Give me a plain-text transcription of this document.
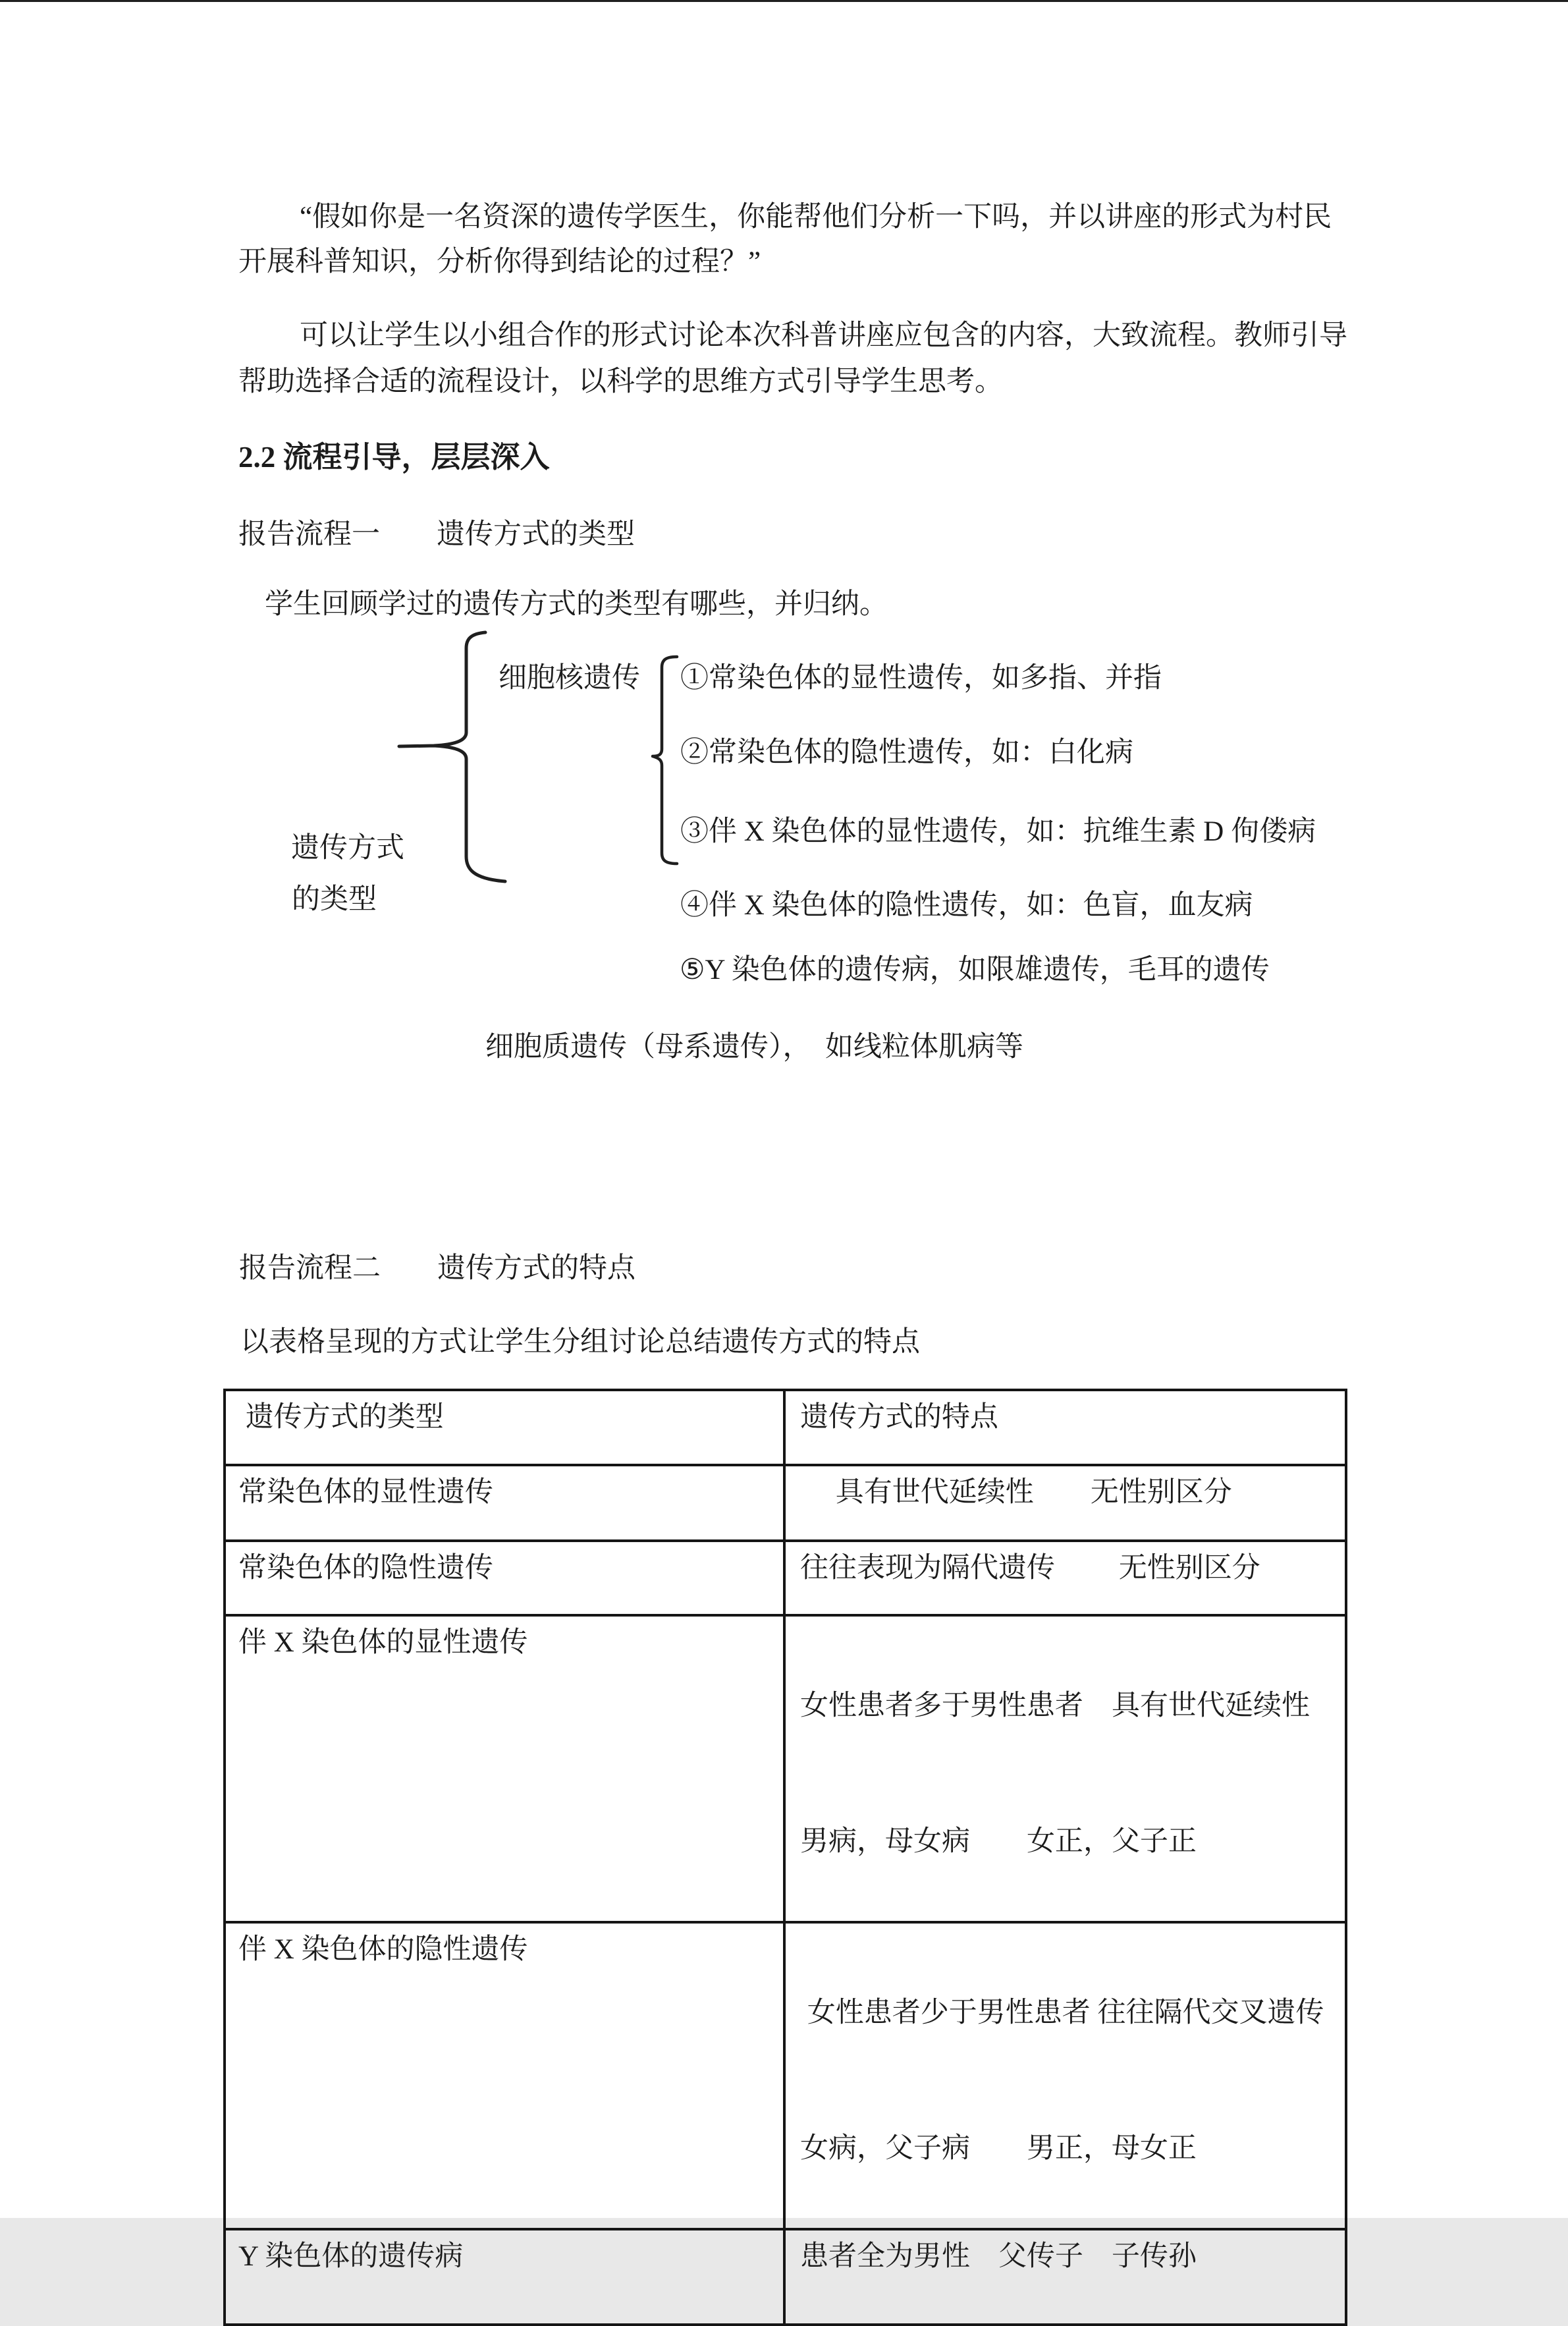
“假如你是一名资深的遗传学医生，你能帮他们分析一下吗，并以讲座的形式为村民
开展科普知识，分析你得到结论的过程？”
可以让学生以小组合作的形式讨论本次科普讲座应包含的内容，大致流程。教师引导
帮助选择合适的流程设计，以科学的思维方式引导学生思考。
2.2 流程引导，层层深入
报告流程一　　遗传方式的类型
学生回顾学过的遗传方式的类型有哪些，并归纳。
遗传方式
的类型
细胞核遗传 ①常染色体的显性遗传，如多指、并指
②常染色体的隐性遗传，如：白化病
③伴 X 染色体的显性遗传，如：抗维生素 D 佝偻病
④伴 X 染色体的隐性遗传，如：色盲，血友病
⑤Y 染色体的遗传病，如限雄遗传，毛耳的遗传
细胞质遗传（母系遗传），　如线粒体肌病等
报告流程二　　遗传方式的特点
以表格呈现的方式让学生分组讨论总结遗传方式的特点
遗传方式的类型	遗传方式的特点
常染色体的显性遗传	　 具有世代延续性　　无性别区分
常染色体的隐性遗传	往往表现为隔代遗传　　 无性别区分
伴 X 染色体的显性遗传	女性患者多于男性患者　具有世代延续性

男病，母女病　　女正，父子正

伴 X 染色体的隐性遗传	女性患者少于男性患者 往往隔代交叉遗传

女病，父子病　　男正，母女正

Y 染色体的遗传病	患者全为男性　父传子　子传孙
